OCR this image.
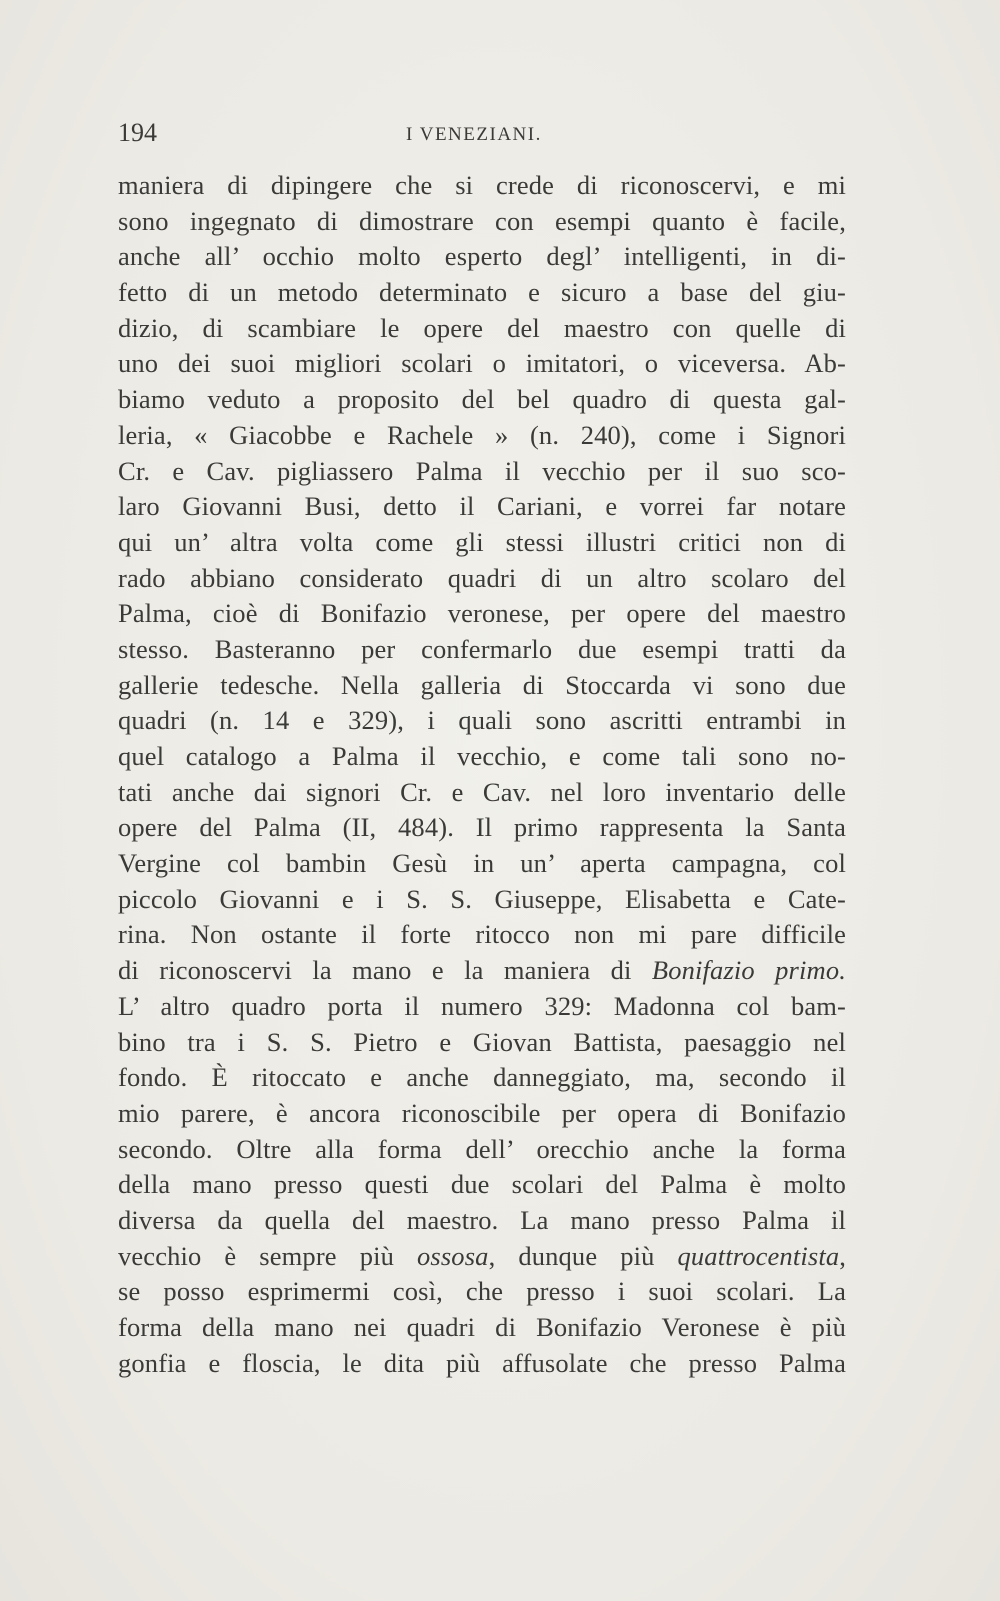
194	I VENEZIANI.
maniera di dipingere che si crede di riconoscervi, e mi
sono ingegnato di dimostrare con esempi quanto è facile,
anche all’ occhio molto esperto degl’ intelligenti, in di-
fetto di un metodo determinato e sicuro a base del giu-
dizio, di scambiare le opere del maestro con quelle di
uno dei suoi migliori scolari o imitatori, o viceversa. Ab-
biamo veduto a proposito del bel quadro di questa gal-
leria, « Giacobbe e Rachele » (n. 240), come i Signori
Cr. e Cav. pigliassero Palma il vecchio per il suo sco-
laro Giovanni Busi, detto il Cariani, e vorrei far notare
qui un’ altra volta come gli stessi illustri critici non di
rado abbiano considerato quadri di un altro scolaro del
Palma, cioè di Bonifazio veronese, per opere del maestro
stesso. Basteranno per confermarlo due esempi tratti da
gallerie tedesche. Nella galleria di Stoccarda vi sono due
quadri (n. 14 e 329), i quali sono ascritti entrambi in
quel catalogo a Palma il vecchio, e come tali sono no-
tati anche dai signori Cr. e Cav. nel loro inventario delle
opere del Palma (II, 484). Il primo rappresenta la Santa
Vergine col bambin Gesù in un’ aperta campagna, col
piccolo Giovanni e i S. S. Giuseppe, Elisabetta e Cate-
rina. Non ostante il forte ritocco non mi pare difficile
di riconoscervi la mano e la maniera di Bonifazio primo.
L’ altro quadro porta il numero 329: Madonna col bam-
bino tra i S. S. Pietro e Giovan Battista, paesaggio nel
fondo. È ritoccato e anche danneggiato, ma, secondo il
mio parere, è ancora riconoscibile per opera di Bonifazio
secondo. Oltre alla forma dell’ orecchio anche la forma
della mano presso questi due scolari del Palma è molto
diversa da quella del maestro. La mano presso Palma il
vecchio è sempre più ossosa, dunque più quattrocentista,
se posso esprimermi così, che presso i suoi scolari. La
forma della mano nei quadri di Bonifazio Veronese è più
gonfia e floscia, le dita più affusolate che presso Palma
